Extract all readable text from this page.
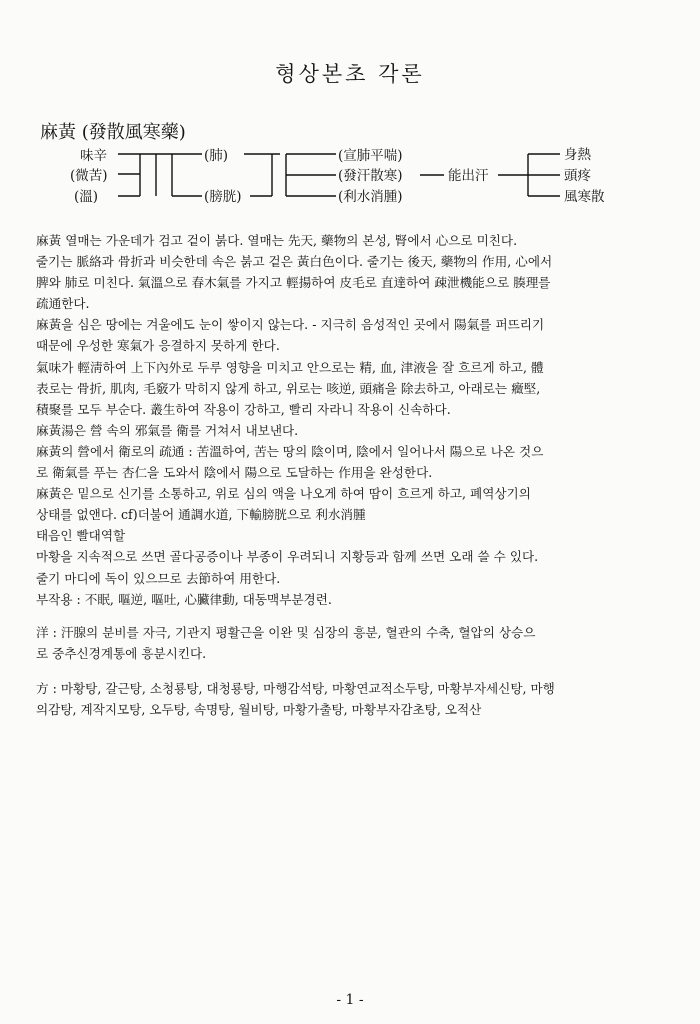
형상본초 각론
麻黃 (發散風寒藥)
味辛
(微苦)
(溫)
(肺)
(膀胱)
(宣肺平喘)
(發汗散寒)
(利水消腫)
能出汗
身熱
頭疼
風寒散

麻黃 열매는 가운데가 검고 겉이 붉다. 열매는 先天, 藥物의 본성, 腎에서 心으로 미친다.

줄기는 脈絡과 骨折과 비슷한데 속은 붉고 겉은 黃白色이다. 줄기는 後天, 藥物의 作用, 心에서

脾와 肺로 미친다. 氣溫으로 春木氣를 가지고 輕揚하여 皮毛로 直達하여 疎泄機能으로 腠理를

疏通한다.

麻黃을 심은 땅에는 겨울에도 눈이 쌓이지 않는다. - 지극히 음성적인 곳에서 陽氣를 퍼뜨리기

때문에 우성한 寒氣가 응결하지 못하게 한다.

氣味가 輕淸하여 上下內外로 두루 영향을 미치고 안으로는 精, 血, 津液을 잘 흐르게 하고, 體

表로는 骨折, 肌肉, 毛竅가 막히지 않게 하고, 위로는 咳逆, 頭痛을 除去하고, 아래로는 癥堅,

積聚를 모두 부순다. 叢生하여 작용이 강하고, 빨리 자라니 작용이 신속하다.

麻黃湯은 營 속의 邪氣를 衛를 거쳐서 내보낸다.

麻黃의 營에서 衛로의 疏通 : 苦溫하여, 苦는 땅의 陰이며, 陰에서 일어나서 陽으로 나온 것으

로 衛氣를 푸는 杏仁을 도와서 陰에서 陽으로 도달하는 作用을 완성한다.

麻黃은 밑으로 신기를 소통하고, 위로 심의 액을 나오게 하여 땀이 흐르게 하고, 폐역상기의

상태를 없앤다. cf)더불어 通調水道, 下輸膀胱으로 利水消腫

태음인 빨대역할

마황을 지속적으로 쓰면 골다공증이나 부종이 우려되니 지황등과 함께 쓰면 오래 쓸 수 있다.

줄기 마디에 독이 있으므로 去節하여 用한다.

부작용 : 不眠, 嘔逆, 嘔吐, 心臟律動, 대동맥부분경련.

洋 : 汗腺의 분비를 자극, 기관지 평활근을 이완 및 심장의 흥분, 혈관의 수축, 혈압의 상승으

로 중추신경계통에 흥분시킨다.

方 : 마황탕, 갈근탕, 소청룡탕, 대청룡탕, 마행감석탕, 마황연교적소두탕, 마황부자세신탕, 마행

의감탕, 계작지모탕, 오두탕, 속명탕, 월비탕, 마황가출탕, 마황부자감초탕, 오적산

- 1 -
